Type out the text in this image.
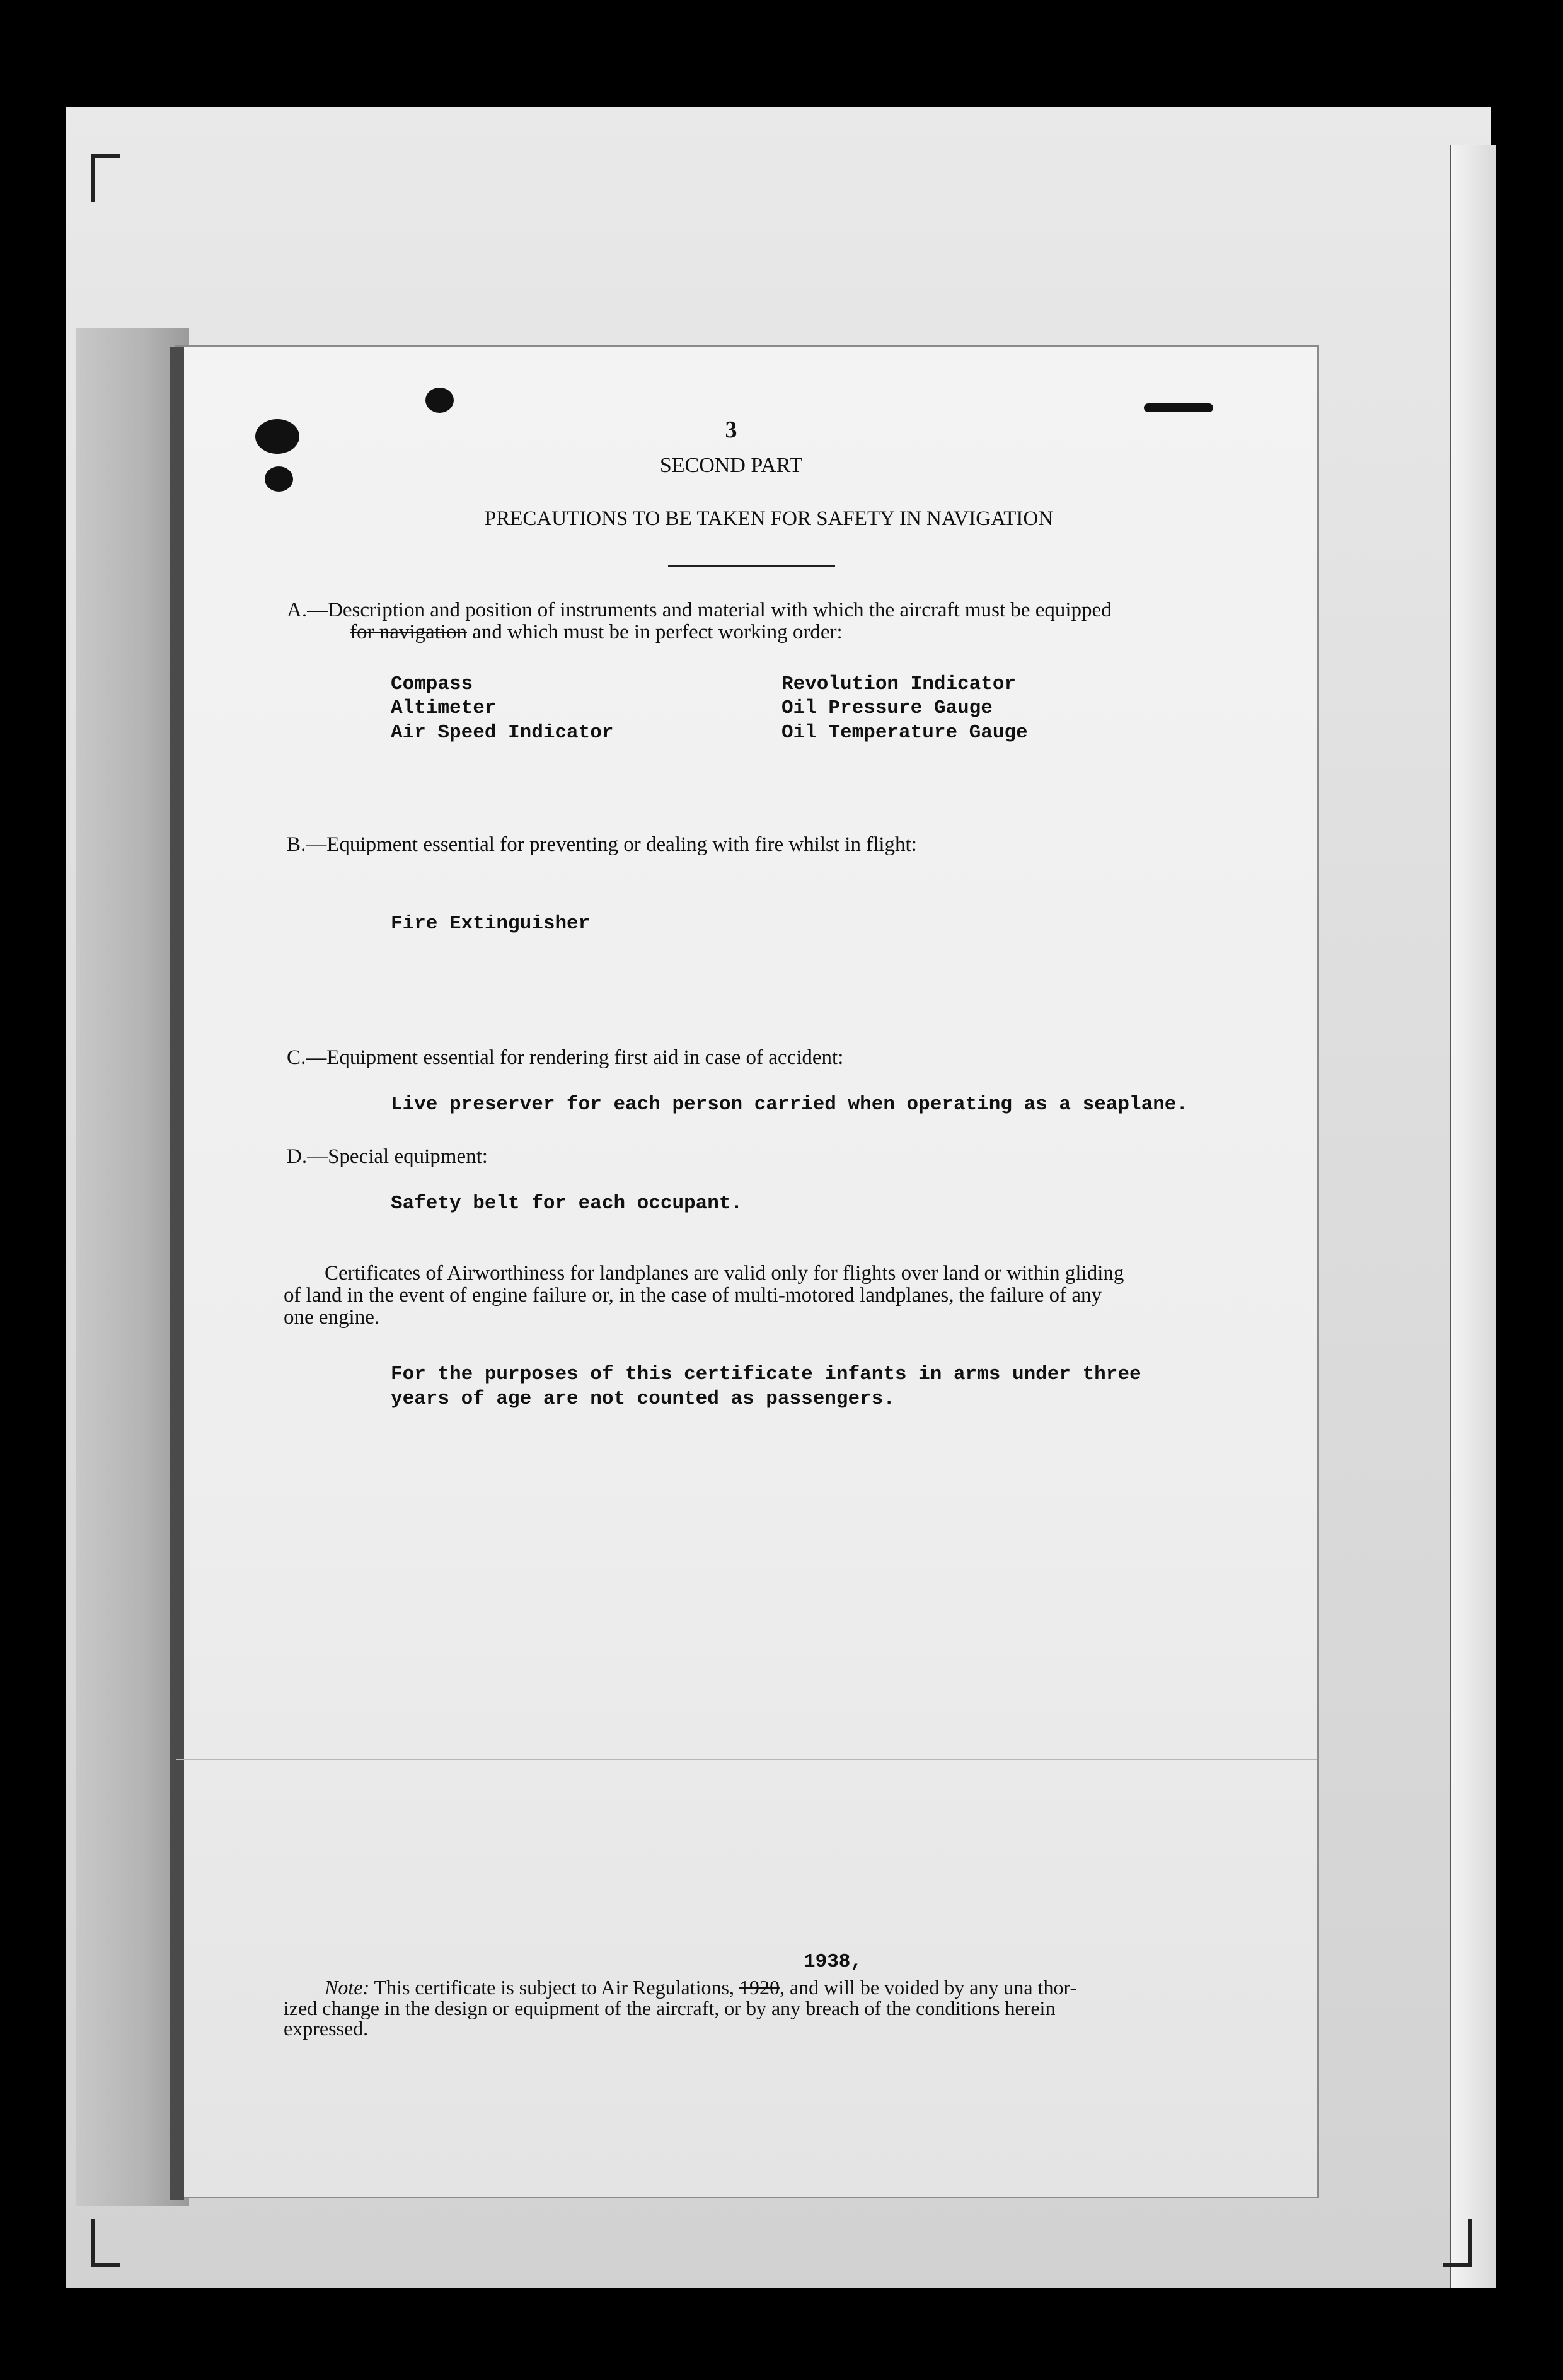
3
SECOND PART
PRECAUTIONS TO BE TAKEN FOR SAFETY IN NAVIGATION
A.—Description and position of instruments and material with which the aircraft must be equipped
for navigation and which must be in perfect working order:
Compass
Altimeter
Air Speed Indicator
Revolution Indicator
Oil Pressure Gauge
Oil Temperature Gauge
B.—Equipment essential for preventing or dealing with fire whilst in flight:
Fire Extinguisher
C.—Equipment essential for rendering first aid in case of accident:
Live preserver for each person carried when operating as a seaplane.
D.—Special equipment:
Safety belt for each occupant.
Certificates of Airworthiness for landplanes are valid only for flights over land or within gliding
of land in the event of engine failure or, in the case of multi-motored landplanes, the failure of any
one engine.
For the purposes of this certificate infants in arms under three
years of age are not counted as passengers.
1938,
Note: This certificate is subject to Air Regulations, 1920, and will be voided by any una thor-
ized change in the design or equipment of the aircraft, or by any breach of the conditions herein
expressed.
